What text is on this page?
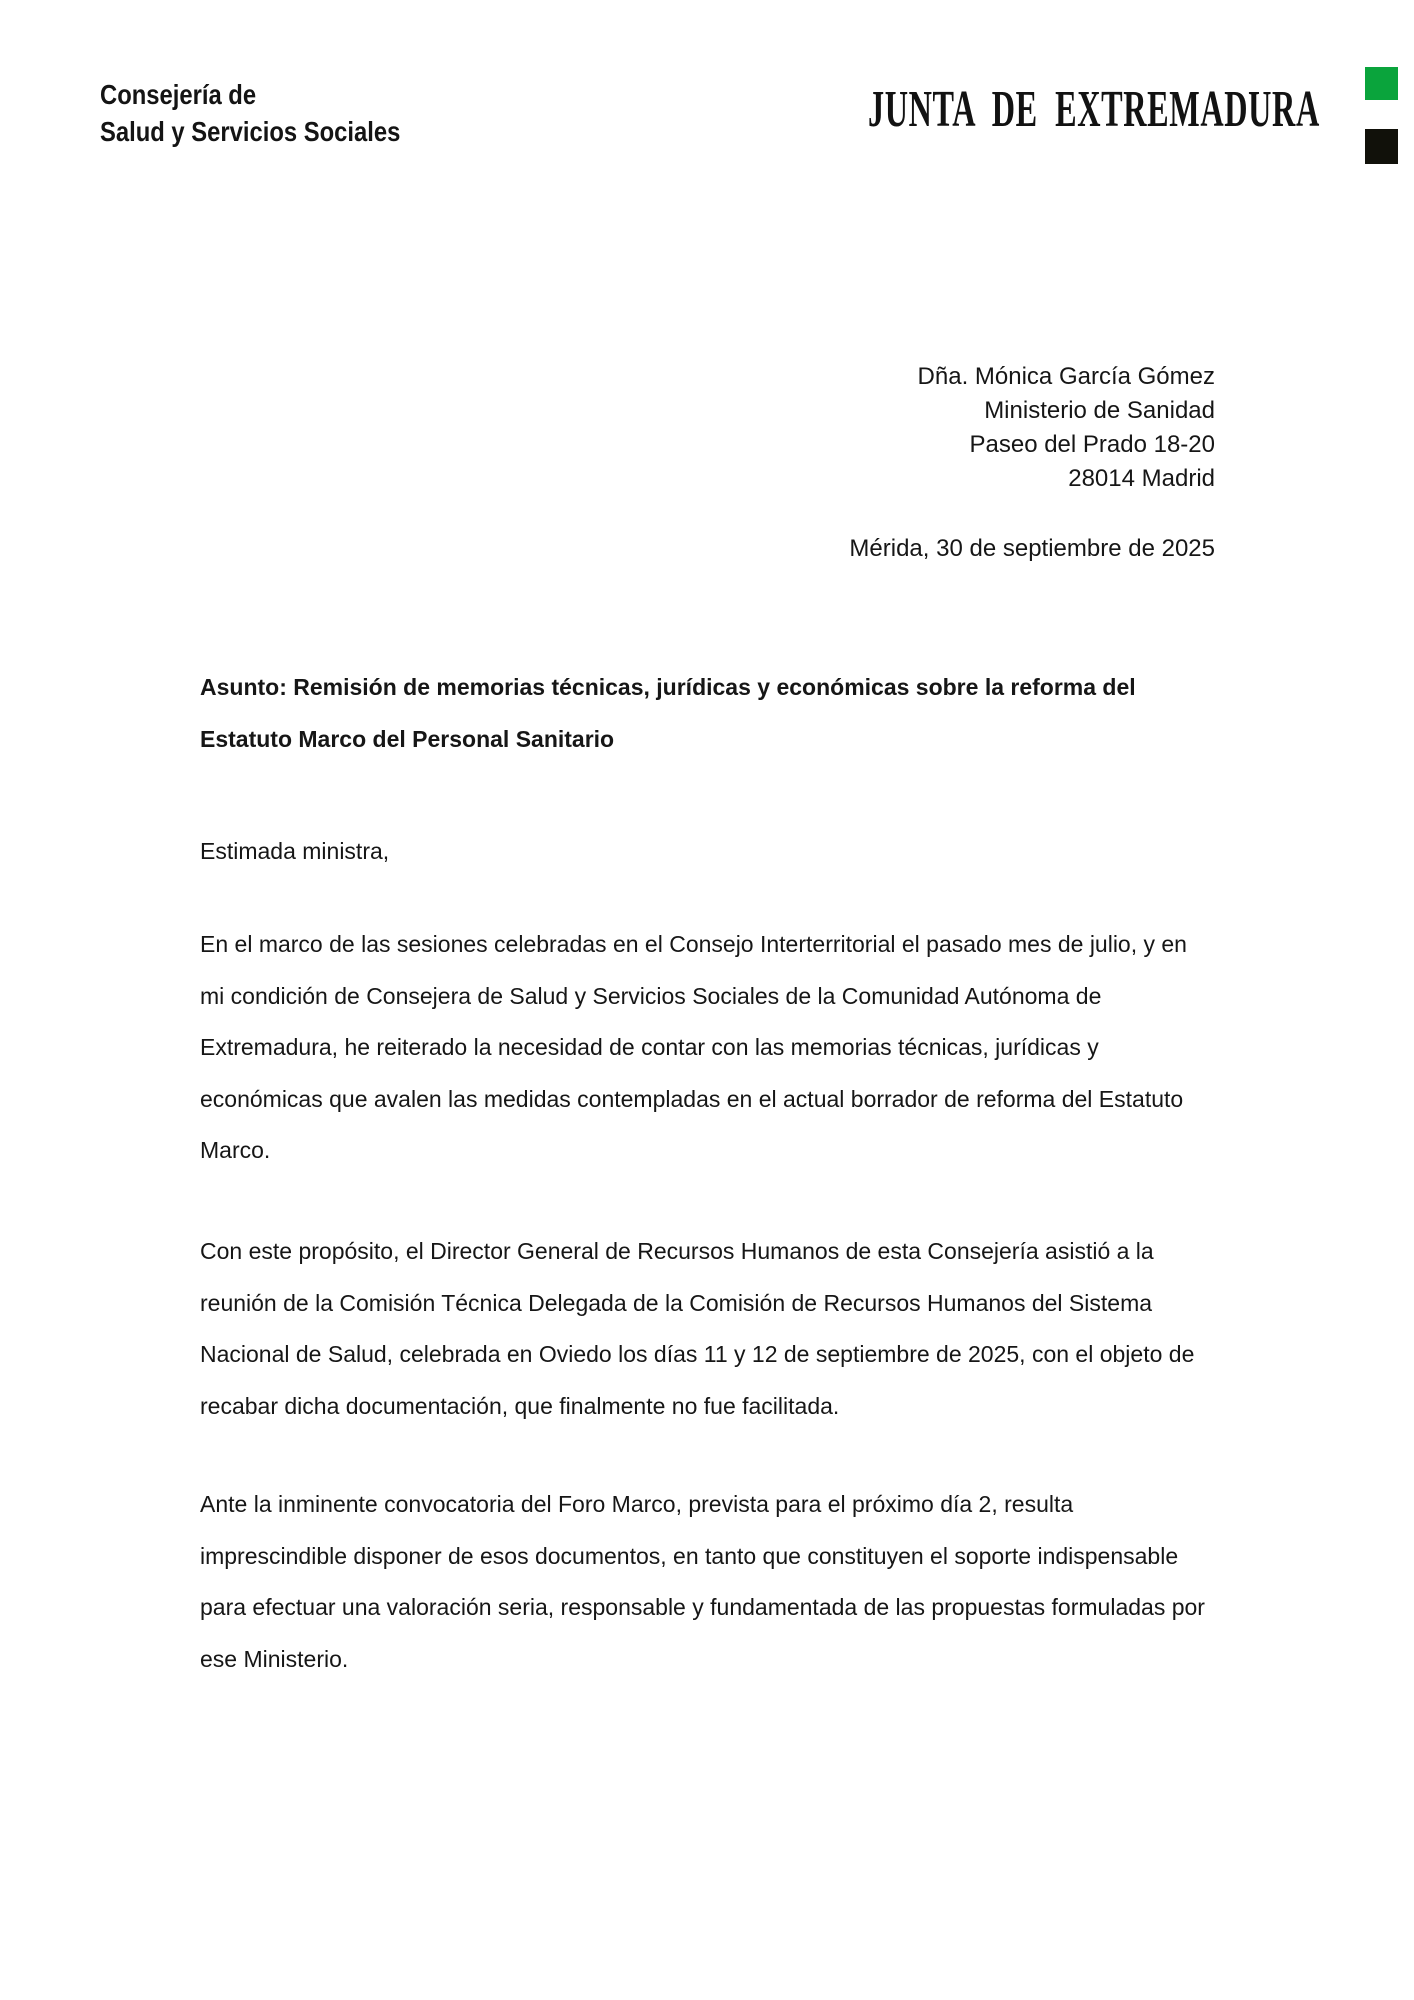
Consejería de
Salud y Servicios Sociales	JUNTA DE EXTREMADURA
Dña. Mónica García Gómez
Ministerio de Sanidad
Paseo del Prado 18-20
28014 Madrid
Mérida, 30 de septiembre de 2025
Asunto: Remisión de memorias técnicas, jurídicas y económicas sobre la reforma del Estatuto Marco del Personal Sanitario
Estimada ministra,

En el marco de las sesiones celebradas en el Consejo Interterritorial el pasado mes de julio, y en mi condición de Consejera de Salud y Servicios Sociales de la Comunidad Autónoma de Extremadura, he reiterado la necesidad de contar con las memorias técnicas, jurídicas y económicas que avalen las medidas contempladas en el actual borrador de reforma del Estatuto Marco.

Con este propósito, el Director General de Recursos Humanos de esta Consejería asistió a la reunión de la Comisión Técnica Delegada de la Comisión de Recursos Humanos del Sistema Nacional de Salud, celebrada en Oviedo los días 11 y 12 de septiembre de 2025, con el objeto de recabar dicha documentación, que finalmente no fue facilitada.

Ante la inminente convocatoria del Foro Marco, prevista para el próximo día 2, resulta imprescindible disponer de esos documentos, en tanto que constituyen el soporte indispensable para efectuar una valoración seria, responsable y fundamentada de las propuestas formuladas por ese Ministerio.
